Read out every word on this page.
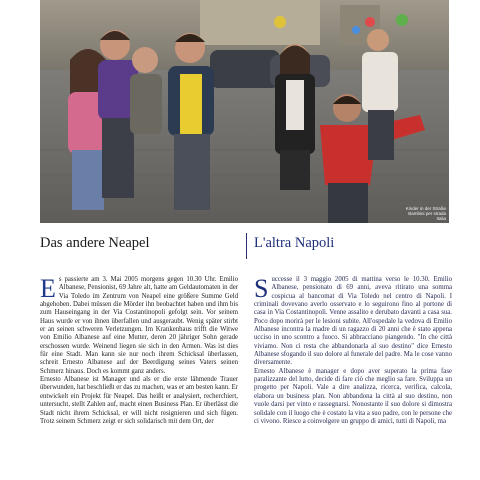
Kinder in der Straße Bambini per strada Italia
Das andere Neapel	L'altra Napoli

Es passierte am 3. Mai 2005 morgens gegen 10.30 Uhr. Emilio Albanese, Pensionist, 69 Jahre alt, hatte am Geldautomaten in der Via Toledo im Zentrum von Neapel eine größere Summe Geld abgehoben. Dabei müssen die Mörder ihn beobachtet haben und ihm bis zum Hauseingang in der Via Costantinopoli gefolgt sein. Vor seinem Haus wurde er von ihnen überfallen und ausgeraubt. Wenig später stirbt er an seinen schweren Verletzungen. Im Krankenhaus trifft die Witwe von Emilio Albanese auf eine Mutter, deren 20 jähriger Sohn gerade erschossen wurde. Weinend liegen sie sich in den Armen. Was ist dies für eine Stadt. Man kann sie nur noch ihrem Schicksal überlassen, schreit Ernesto Albanese auf der Beerdigung seines Vaters seinen Schmerz hinaus. Doch es kommt ganz anders.

Ernesto Albanese ist Manager und als er die erste lähmende Trauer überwunden, hat beschließt er das zu machen, was er am besten kann. Er entwickelt ein Projekt für Neapel. Das heißt er analysiert, recherchiert, untersucht, stellt Zahlen auf, macht einen Business Plan. Er überlässt die Stadt nicht ihrem Schicksal, er will nicht resignieren und sich fügen. Trotz seinem Schmerz zeigt er sich solidarisch mit dem Ort, der

Successe il 3 maggio 2005 di mattina verso le 10.30. Emilio Albanese, pensionato di 69 anni, aveva ritirato una somma cospicua al bancomat di Via Toledo nel centro di Napoli. I criminali dovevano averlo osservato e lo seguirono fino al portone di casa in Via Costantinopoli. Venne assalito e derubato davanti a casa sua. Poco dopo morirà per le lesioni subite. All'ospedale la vedova di Emilio Albanese incontra la madre di un ragazzo di 20 anni che è stato appena ucciso in uno scontro a fuoco. Si abbracciano piangendo. "In che città viviamo. Non ci resta che abbandonarla al suo destino" dice Ernesto Albanese sfogando il suo dolore al funerale del padre. Ma le cose vanno diversamente.

Ernesto Albanese è manager e dopo aver superato la prima fase paralizzante del lutto, decide di fare ciò che meglio sa fare. Sviluppa un progetto per Napoli. Vale a dire analizza, ricerca, verifica, calcola, elabora un business plan. Non abbandona la città al suo destino, non vuole darsi per vinto e rassegnarsi. Nonostante il suo dolore si dimostra solidale con il luogo che è costato la vita a suo padre, con le persone che ci vivono. Riesce a coinvolgere un gruppo di amici, tutti di Napoli, ma
